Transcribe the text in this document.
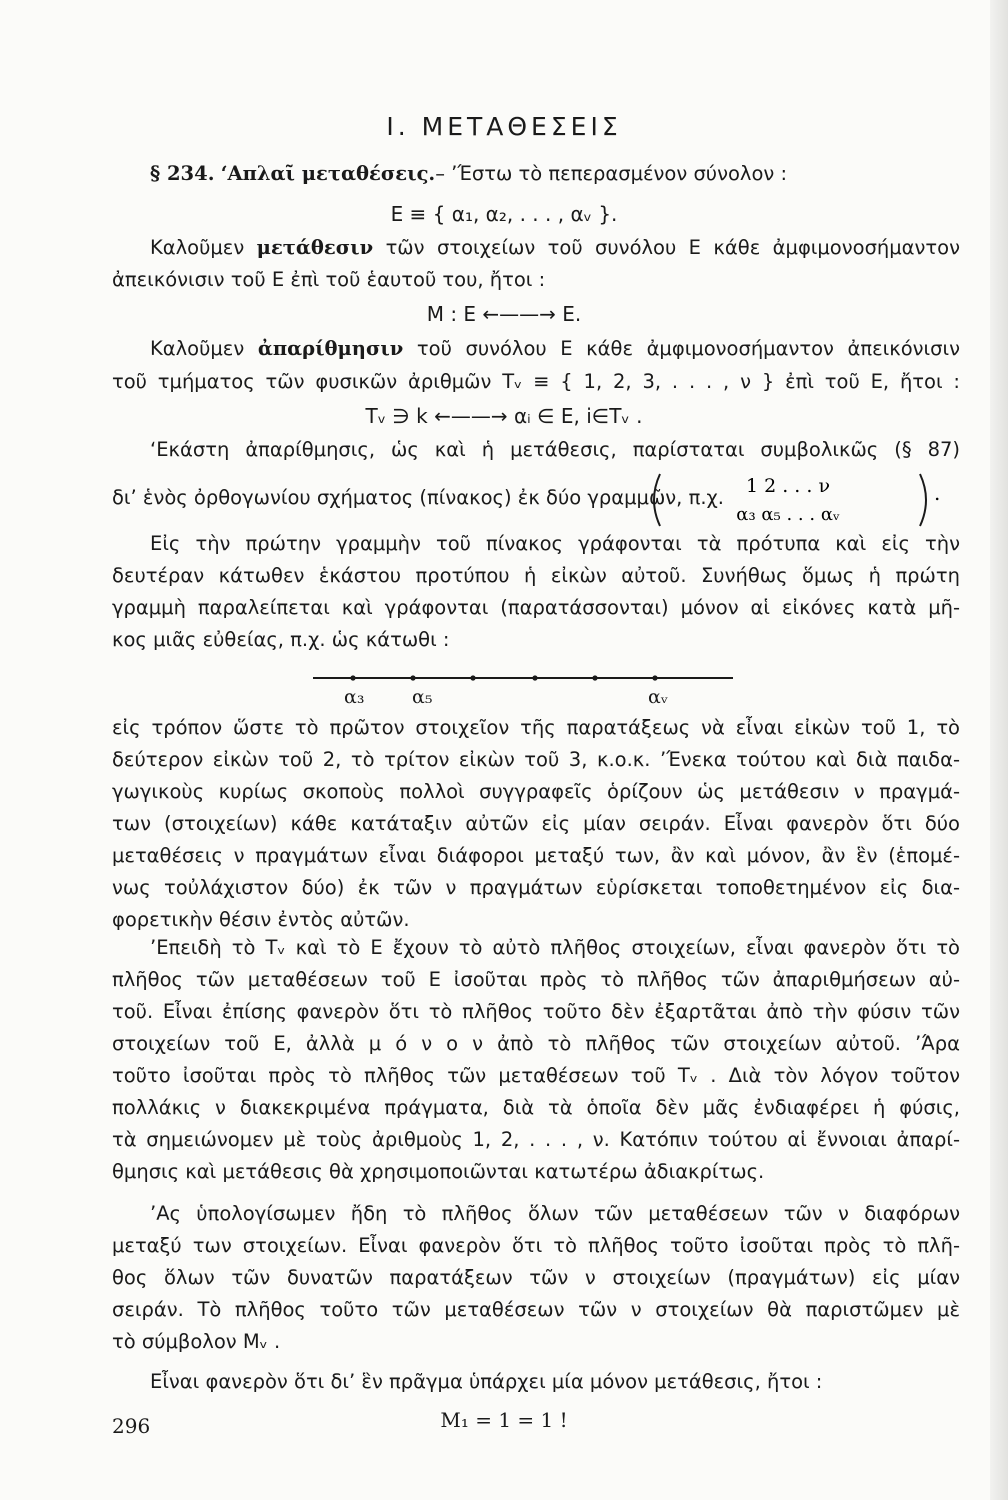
I. ΜΕΤΑΘΕΣΕΙΣ
§ 234. ʻΑπλαῖ μεταθέσεις.– ʼΈστω τὸ πεπερασμένον σύνολον :
E ≡ { α₁, α₂, . . . , αᵥ }.
Καλοῦμεν μετάθεσιν τῶν στοιχείων τοῦ συνόλου E κάθε ἀμφιμονοσήμαντον
ἀπεικόνισιν τοῦ E ἐπὶ τοῦ ἑαυτοῦ του, ἤτοι :
M : E ←——→ E.
Καλοῦμεν ἀπαρίθμησιν τοῦ συνόλου E κάθε ἀμφιμονοσήμαντον ἀπεικόνισιν
τοῦ τμήματος τῶν φυσικῶν ἀριθμῶν Tᵥ ≡ { 1, 2, 3, . . . , ν } ἐπὶ τοῦ E, ἤτοι :
Tᵥ ∋ k ←——→ αᵢ ∈ E, i∈Tᵥ .
ʻΕκάστη ἀπαρίθμησις, ὡς καὶ ἡ μετάθεσις, παρίσταται συμβολικῶς (§ 87)
δι’ ἑνὸς ὀρθογωνίου σχήματος (πίνακος) ἐκ δύο γραμμῶν, π.χ.	1 2 . . . ν
α₃ α₅ . . . αᵥ
.
Εἰς τὴν πρώτην γραμμὴν τοῦ πίνακος γράφονται τὰ πρότυπα καὶ εἰς τὴν
δευτέραν κάτωθεν ἑκάστου προτύπου ἡ εἰκὼν αὐτοῦ. Συνήθως ὅμως ἡ πρώτη
γραμμὴ παραλείπεται καὶ γράφονται (παρατάσσονται) μόνον αἱ εἰκόνες κατὰ μῆ-
κος μιᾶς εὐθείας, π.χ. ὡς κάτωθι :
α₃	α₅	αᵥ
εἰς τρόπον ὥστε τὸ πρῶτον στοιχεῖον τῆς παρατάξεως νὰ εἶναι εἰκὼν τοῦ 1, τὸ
δεύτερον εἰκὼν τοῦ 2, τὸ τρίτον εἰκὼν τοῦ 3, κ.ο.κ. ʼΈνεκα τούτου καὶ διὰ παιδα-
γωγικοὺς κυρίως σκοποὺς πολλοὶ συγγραφεῖς ὁρίζουν ὡς μετάθεσιν ν πραγμά-
των (στοιχείων) κάθε κατάταξιν αὐτῶν εἰς μίαν σειράν. Εἶναι φανερὸν ὅτι δύο
μεταθέσεις ν πραγμάτων εἶναι διάφοροι μεταξύ των, ἂν καὶ μόνον, ἂν ἓν (ἑπομέ-
νως τοὐλάχιστον δύο) ἐκ τῶν ν πραγμάτων εὑρίσκεται τοποθετημένον εἰς δια-
φορετικὴν θέσιν ἐντὸς αὐτῶν.
ʼΕπειδὴ τὸ Tᵥ καὶ τὸ E ἔχουν τὸ αὐτὸ πλῆθος στοιχείων, εἶναι φανερὸν ὅτι τὸ
πλῆθος τῶν μεταθέσεων τοῦ E ἰσοῦται πρὸς τὸ πλῆθος τῶν ἀπαριθμήσεων αὐ-
τοῦ. Εἶναι ἐπίσης φανερὸν ὅτι τὸ πλῆθος τοῦτο δὲν ἐξαρτᾶται ἀπὸ τὴν φύσιν τῶν
στοιχείων τοῦ E, ἀλλὰ μ ό ν ο ν ἀπὸ τὸ πλῆθος τῶν στοιχείων αὐτοῦ. ʼΆρα
τοῦτο ἰσοῦται πρὸς τὸ πλῆθος τῶν μεταθέσεων τοῦ Tᵥ . Διὰ τὸν λόγον τοῦτον
πολλάκις ν διακεκριμένα πράγματα, διὰ τὰ ὁποῖα δὲν μᾶς ἐνδιαφέρει ἡ φύσις,
τὰ σημειώνομεν μὲ τοὺς ἀριθμοὺς 1, 2, . . . , ν. Κατόπιν τούτου αἱ ἔννοιαι ἀπαρί-
θμησις καὶ μετάθεσις θὰ χρησιμοποιῶνται κατωτέρω ἀδιακρίτως.
ʼΑς ὑπολογίσωμεν ἤδη τὸ πλῆθος ὅλων τῶν μεταθέσεων τῶν ν διαφόρων
μεταξύ των στοιχείων. Εἶναι φανερὸν ὅτι τὸ πλῆθος τοῦτο ἰσοῦται πρὸς τὸ πλῆ-
θος ὅλων τῶν δυνατῶν παρατάξεων τῶν ν στοιχείων (πραγμάτων) εἰς μίαν
σειράν. Τὸ πλῆθος τοῦτο τῶν μεταθέσεων τῶν ν στοιχείων θὰ παριστῶμεν μὲ
τὸ σύμβολον Mᵥ .
Εἶναι φανερὸν ὅτι δι’ ἓν πρᾶγμα ὑπάρχει μία μόνον μετάθεσις, ἤτοι :
M₁ = 1 = 1 !
296
